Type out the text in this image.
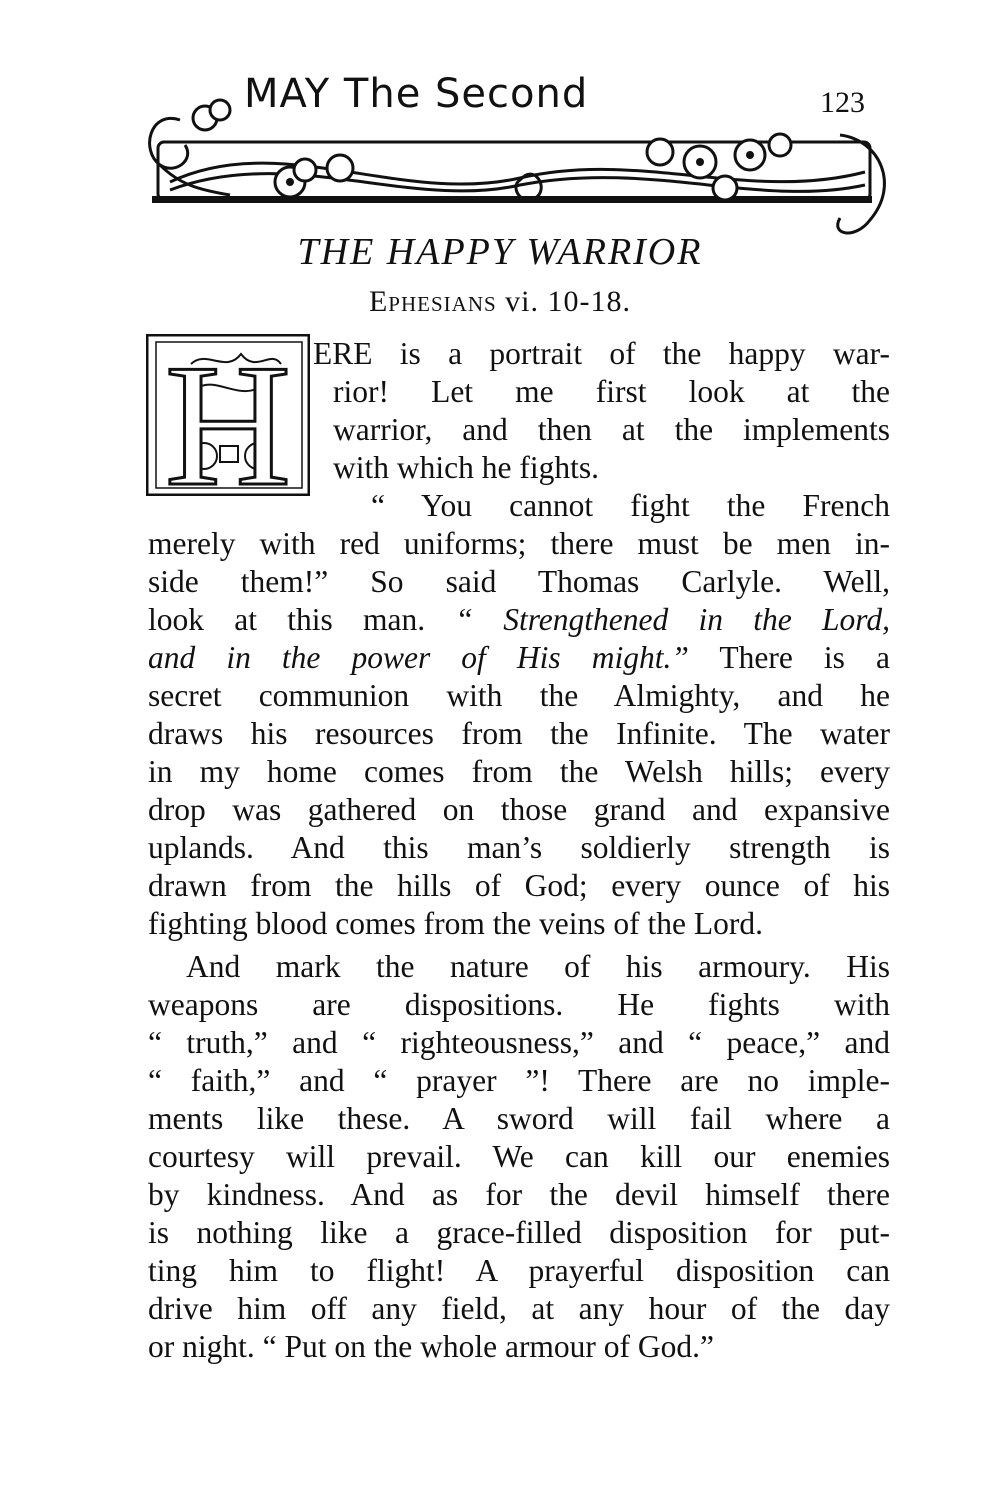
MAY The Second	123
THE HAPPY WARRIOR
Ephesians vi. 10-18.
H ERE is a portrait of the happy war-
rior! Let me first look at the
warrior, and then at the implements
with which he fights.
“ You cannot fight the French
merely with red uniforms; there must be men in-
side them!” So said Thomas Carlyle. Well,
look at this man. “ Strengthened in the Lord,
and in the power of His might.” There is a
secret communion with the Almighty, and he
draws his resources from the Infinite. The water
in my home comes from the Welsh hills; every
drop was gathered on those grand and expansive
uplands. And this man’s soldierly strength is
drawn from the hills of God; every ounce of his
fighting blood comes from the veins of the Lord.
And mark the nature of his armoury. His
weapons are dispositions. He fights with
“ truth,” and “ righteousness,” and “ peace,” and
“ faith,” and “ prayer ”! There are no imple-
ments like these. A sword will fail where a
courtesy will prevail. We can kill our enemies
by kindness. And as for the devil himself there
is nothing like a grace-filled disposition for put-
ting him to flight! A prayerful disposition can
drive him off any field, at any hour of the day
or night. “ Put on the whole armour of God.”
